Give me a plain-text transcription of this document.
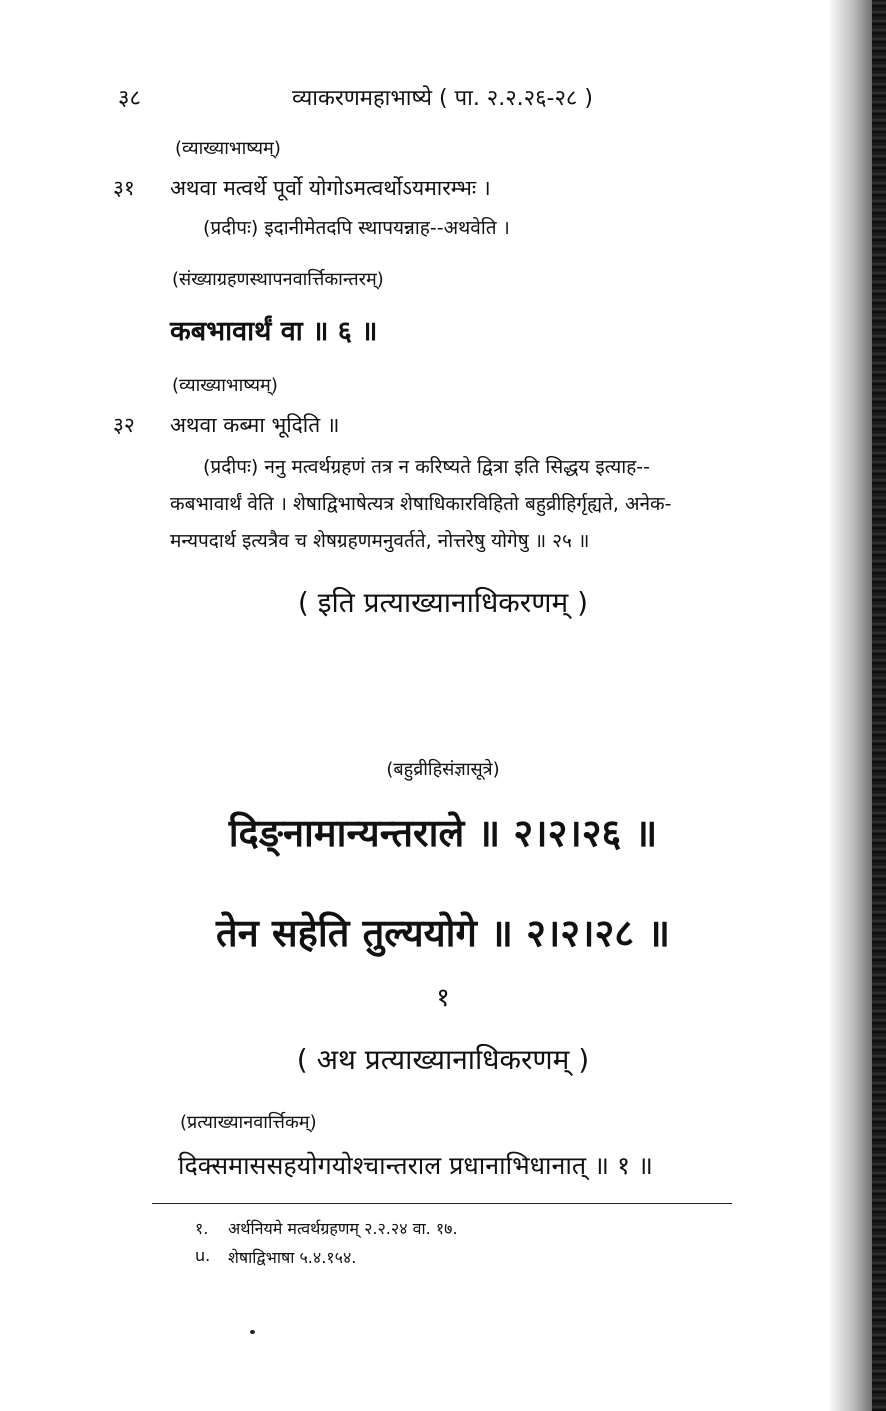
३८	व्याकरणमहाभाष्ये ( पा. २.२.२६-२८ )
(व्याख्याभाष्यम्)
३१ अथवा मत्वर्थे पूर्वो योगोऽमत्वर्थोऽयमारम्भः ।
(प्रदीपः) इदानीमेतदपि स्थापयन्नाह--अथवेति ।
(संख्याग्रहणस्थापनवार्त्तिकान्तरम्)
कबभावार्थं वा ॥ ६ ॥
(व्याख्याभाष्यम्)
३२ अथवा कब्मा भूदिति ॥
(प्रदीपः) ननु मत्वर्थग्रहणं तत्र न करिष्यते द्वित्रा इति सिद्धय इत्याह--
कबभावार्थं वेति । शेषाद्विभाषेत्यत्र शेषाधिकारविहितो बहुव्रीहिर्गृह्यते, अनेक-
मन्यपदार्थ इत्यत्रैव च शेषग्रहणमनुवर्तते, नोत्तरेषु योगेषु ॥ २५ ॥
( इति प्रत्याख्यानाधिकरणम् )
(बहुव्रीहिसंज्ञासूत्रे)
दिङ्नामान्यन्तराले ॥ २।२।२६ ॥
तेन सहेति तुल्ययोगे ॥ २।२।२८ ॥
१
( अथ प्रत्याख्यानाधिकरणम् )
(प्रत्याख्यानवार्त्तिकम्)
दिक्समाससहयोगयोश्चान्तराल प्रधानाभिधानात् ॥ १ ॥
१. अर्थनियमे मत्वर्थग्रहणम् २.२.२४ वा. १७.
u. शेषाद्विभाषा ५.४.१५४.
